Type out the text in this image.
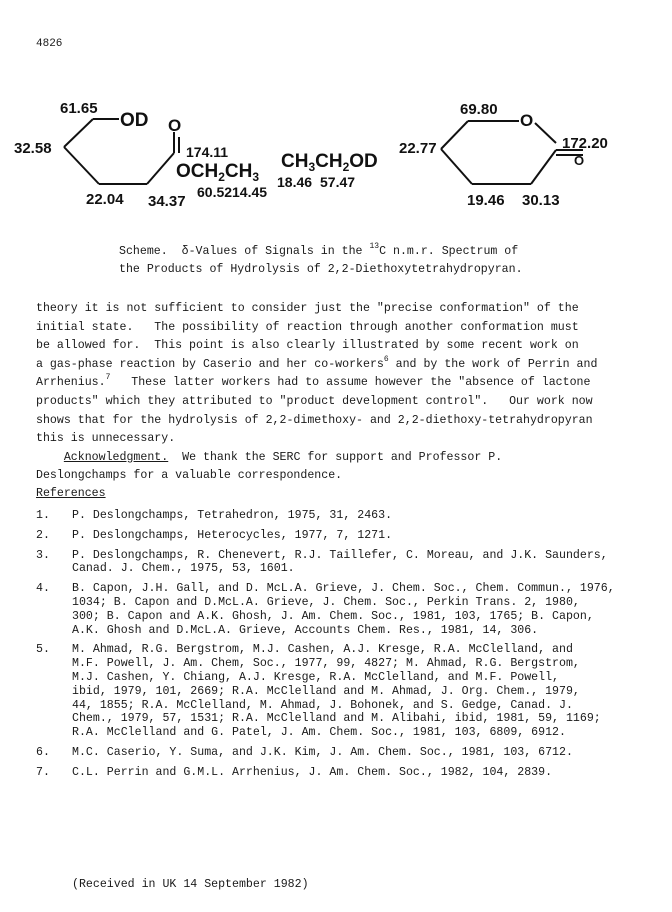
4826
OD
61.65
32.58
22.04 34.37
O
174.11
$OCH_2CH_3$
60.52 14.45
$CH_3CH_2OD$
18.46 57.47
69.80
O
22.77	172.20
O
19.46 30.13
Scheme.  δ-Values of Signals in the $^{13}$C n.m.r. Spectrum of
the Products of Hydrolysis of 2,2-Diethoxytetrahydropyran.
theory it is not sufficient to consider just the "precise conformation" of the
initial state.   The possibility of reaction through another conformation must
be allowed for.  This point is also clearly illustrated by some recent work on
a gas-phase reaction by Caserio and her co-workers$^6$ and by the work of Perrin and
Arrhenius.$^7$   These latter workers had to assume however the "absence of lactone
products" which they attributed to "product development control".   Our work now
shows that for the hydrolysis of 2,2-dimethoxy- and 2,2-diethoxy-tetrahydropyran
this is unnecessary.
Acknowledgment.  We thank the SERC for support and Professor P.
Deslongchamps for a valuable correspondence.
References
1. P. Deslongchamps, Tetrahedron, 1975, 31, 2463.
2. P. Deslongchamps, Heterocycles, 1977, 7, 1271.
3. P. Deslongchamps, R. Chenevert, R.J. Taillefer, C. Moreau, and J.K. Saunders,
Canad. J. Chem., 1975, 53, 1601.
4. B. Capon, J.H. Gall, and D. McL.A. Grieve, J. Chem. Soc., Chem. Commun., 1976,
1034; B. Capon and D.McL.A. Grieve, J. Chem. Soc., Perkin Trans. 2, 1980,
300; B. Capon and A.K. Ghosh, J. Am. Chem. Soc., 1981, 103, 1765; B. Capon,
A.K. Ghosh and D.McL.A. Grieve, Accounts Chem. Res., 1981, 14, 306.
5. M. Ahmad, R.G. Bergstrom, M.J. Cashen, A.J. Kresge, R.A. McClelland, and
M.F. Powell, J. Am. Chem, Soc., 1977, 99, 4827; M. Ahmad, R.G. Bergstrom,
M.J. Cashen, Y. Chiang, A.J. Kresge, R.A. McClelland, and M.F. Powell,
ibid, 1979, 101, 2669; R.A. McClelland and M. Ahmad, J. Org. Chem., 1979,
44, 1855; R.A. McClelland, M. Ahmad, J. Bohonek, and S. Gedge, Canad. J.
Chem., 1979, 57, 1531; R.A. McClelland and M. Alibahi, ibid, 1981, 59, 1169;
R.A. McClelland and G. Patel, J. Am. Chem. Soc., 1981, 103, 6809, 6912.
6. M.C. Caserio, Y. Suma, and J.K. Kim, J. Am. Chem. Soc., 1981, 103, 6712.
7. C.L. Perrin and G.M.L. Arrhenius, J. Am. Chem. Soc., 1982, 104, 2839.
(Received in UK 14 September 1982)
